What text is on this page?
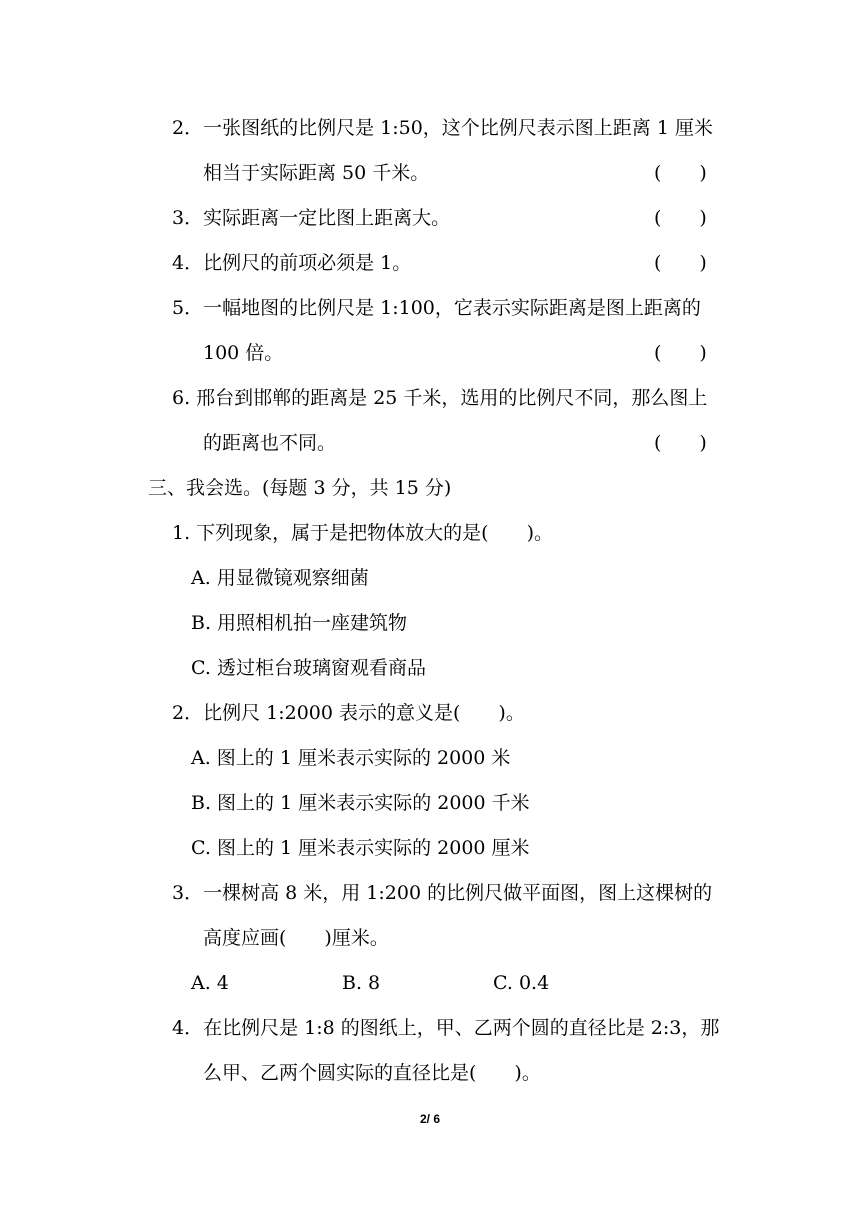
2．一张图纸的比例尺是 1:50，这个比例尺表示图上距离 1 厘米
相当于实际距离 50 千米。	(　　)
3．实际距离一定比图上距离大。	(　　)
4．比例尺的前项必须是 1。	(　　)
5．一幅地图的比例尺是 1:100，它表示实际距离是图上距离的
100 倍。	(　　)
6. 邢台到邯郸的距离是 25 千米，选用的比例尺不同，那么图上
的距离也不同。	(　　)
三、我会选。(每题 3 分，共 15 分)
1. 下列现象，属于是把物体放大的是(　　)。
A. 用显微镜观察细菌
B. 用照相机拍一座建筑物
C. 透过柜台玻璃窗观看商品
2．比例尺 1:2000 表示的意义是(　　)。
A. 图上的 1 厘米表示实际的 2000 米
B. 图上的 1 厘米表示实际的 2000 千米
C. 图上的 1 厘米表示实际的 2000 厘米
3．一棵树高 8 米，用 1:200 的比例尺做平面图，图上这棵树的
高度应画(　　)厘米。
A. 4	B. 8	C. 0.4
4．在比例尺是 1:8 的图纸上，甲、乙两个圆的直径比是 2:3，那
么甲、乙两个圆实际的直径比是(　　)。
2/ 6
